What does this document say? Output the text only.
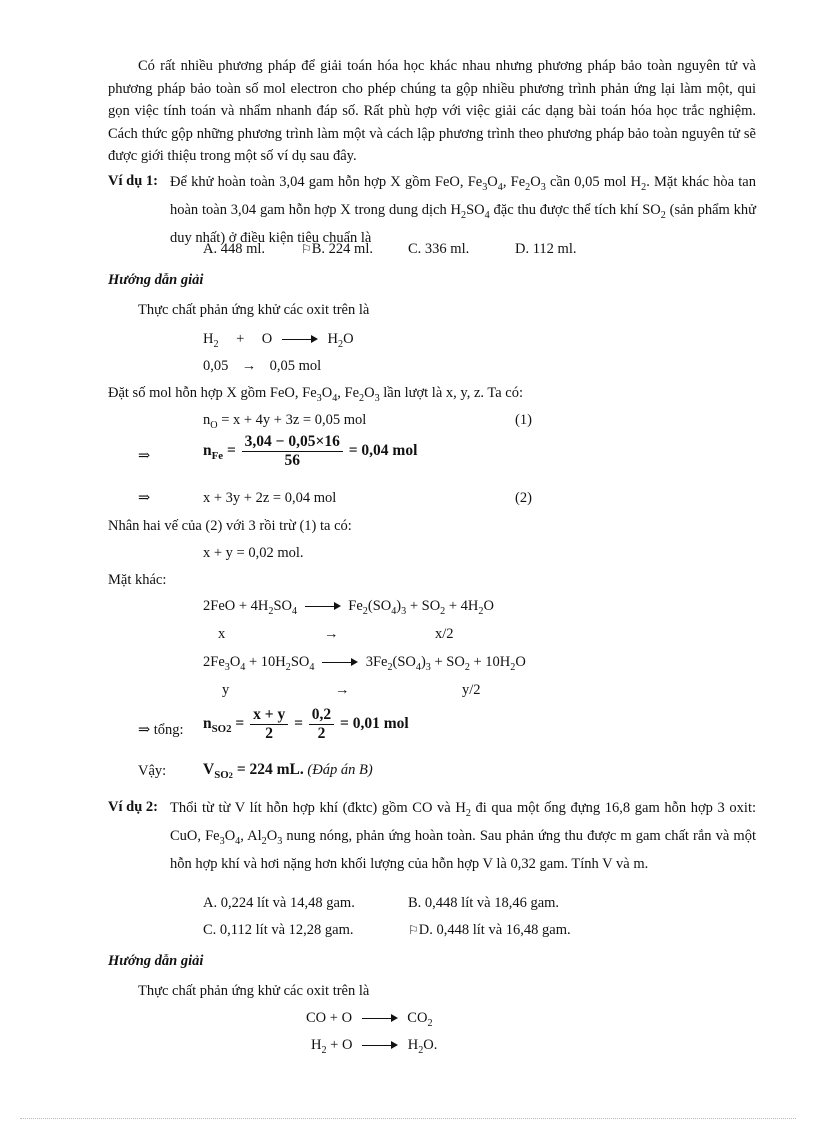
Có rất nhiều phương pháp để giải toán hóa học khác nhau nhưng phương pháp bảo toàn nguyên tử và phương pháp bảo toàn số mol electron cho phép chúng ta gộp nhiều phương trình phản ứng lại làm một, qui gọn việc tính toán và nhẩm nhanh đáp số. Rất phù hợp với việc giải các dạng bài toán hóa học trắc nghiệm. Cách thức gộp những phương trình làm một và cách lập phương trình theo phương pháp bảo toàn nguyên tử sẽ được giới thiệu trong một số ví dụ sau đây.
Ví dụ 1: Để khử hoàn toàn 3,04 gam hỗn hợp X gồm FeO, $Fe_3O_4$, $Fe_2O_3$ cần 0,05 mol $H_2$. Mặt khác hòa tan hoàn toàn 3,04 gam hỗn hợp X trong dung dịch $H_2SO_4$ đặc thu được thể tích khí $SO_2$ (sản phẩm khử duy nhất) ở điều kiện tiêu chuẩn là
A. 448 ml.	⚐B. 224 ml. C. 336 ml.	D. 112 ml.
Hướng dẫn giải
Thực chất phản ứng khử các oxit trên là
$H_2 + O$	$H_2O$
0,05 → 0,05 mol
Đặt số mol hỗn hợp X gồm FeO, $Fe_3O_4$, $Fe_2O_3$ lần lượt là x, y, z. Ta có:
$n_O = x + 4y + 3z = 0,05$ mol	(1)
⇒	$n_{Fe} = \frac{3,04 - 0,05\times 16}{56} = 0,04$ mol
⇒	x + 3y + 2z = 0,04 mol	(2)
Nhân hai vế của (2) với 3 rồi trừ (1) ta có:
x + y = 0,02 mol.
Mặt khác:
$2FeO + 4H_2SO_4$	$Fe_2(SO_4)_3 + SO_2 + 4H_2O$
x	→	x/2
$2Fe_3O_4 + 10H_2SO_4$	$3Fe_2(SO_4)_3 + SO_2 + 10H_2O$
y	→	y/2
⇒ tổng: $n_{SO2} = \frac{x + y}{2} = \frac{0,2}{2} = 0,01$ mol
Vậy: $V_{SO2} = 224$ mL. (Đáp án B)
Ví dụ 2: Thổi từ từ V lít hỗn hợp khí (đktc) gồm CO và $H_2$ đi qua một ống đựng 16,8 gam hỗn hợp 3 oxit: CuO, $Fe_3O_4$, $Al_2O_3$ nung nóng, phản ứng hoàn toàn. Sau phản ứng thu được m gam chất rắn và một hỗn hợp khí và hơi nặng hơn khối lượng của hỗn hợp V là 0,32 gam. Tính V và m.
A. 0,224 lít và 14,48 gam.	B. 0,448 lít và 18,46 gam.
C. 0,112 lít và 12,28 gam.	⚐D. 0,448 lít và 16,48 gam.
Hướng dẫn giải
Thực chất phản ứng khử các oxit trên là
CO + O	$CO_2$
$H_2 + O$	$H_2O$.
